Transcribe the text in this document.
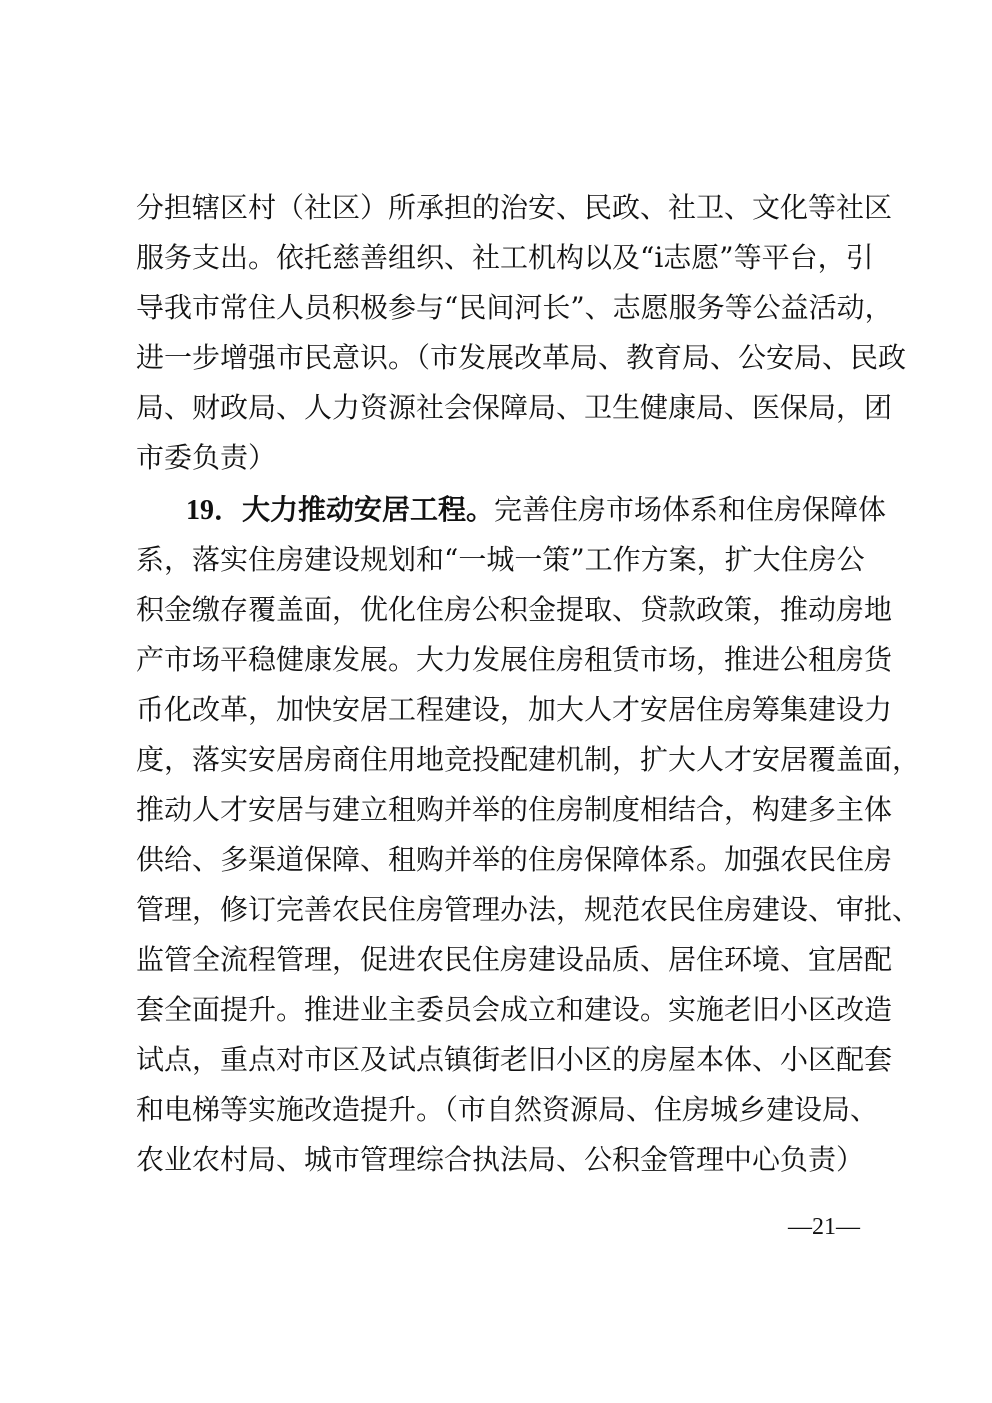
分担辖区村（社区）所承担的治安、民政、社卫、文化等社区
服务支出。依托慈善组织、社工机构以及“i志愿”等平台，引
导我市常住人员积极参与“民间河长”、志愿服务等公益活动，
进一步增强市民意识。（市发展改革局、教育局、公安局、民政
局、财政局、人力资源社会保障局、卫生健康局、医保局，团
市委负责）
19．大力推动安居工程。完善住房市场体系和住房保障体
系，落实住房建设规划和“一城一策”工作方案，扩大住房公
积金缴存覆盖面，优化住房公积金提取、贷款政策，推动房地
产市场平稳健康发展。大力发展住房租赁市场，推进公租房货
币化改革，加快安居工程建设，加大人才安居住房筹集建设力
度，落实安居房商住用地竞投配建机制，扩大人才安居覆盖面，
推动人才安居与建立租购并举的住房制度相结合，构建多主体
供给、多渠道保障、租购并举的住房保障体系。加强农民住房
管理，修订完善农民住房管理办法，规范农民住房建设、审批、
监管全流程管理，促进农民住房建设品质、居住环境、宜居配
套全面提升。推进业主委员会成立和建设。实施老旧小区改造
试点，重点对市区及试点镇街老旧小区的房屋本体、小区配套
和电梯等实施改造提升。（市自然资源局、住房城乡建设局、
农业农村局、城市管理综合执法局、公积金管理中心负责）
—21—
